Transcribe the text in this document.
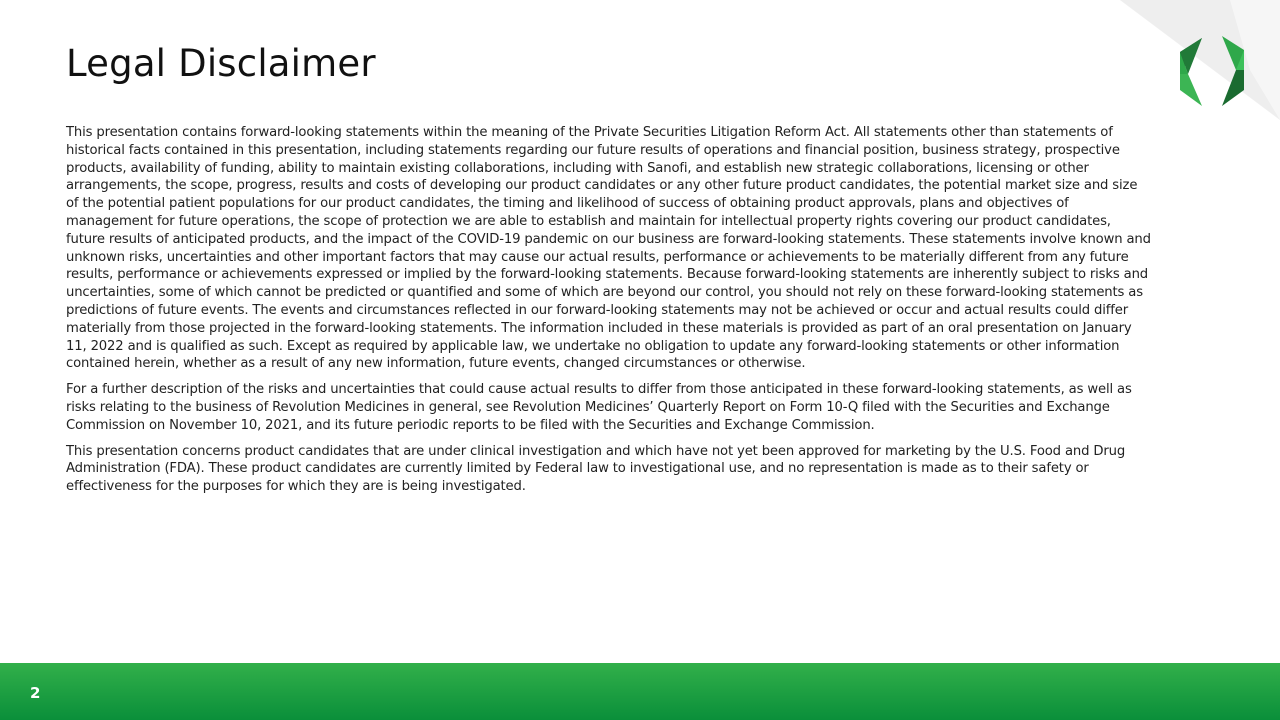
Legal Disclaimer

This presentation contains forward-looking statements within the meaning of the Private Securities Litigation Reform Act. All statements other than statements of historical facts contained in this presentation, including statements regarding our future results of operations and financial position, business strategy, prospective products, availability of funding, ability to maintain existing collaborations, including with Sanofi, and establish new strategic collaborations, licensing or other arrangements, the scope, progress, results and costs of developing our product candidates or any other future product candidates, the potential market size and size of the potential patient populations for our product candidates, the timing and likelihood of success of obtaining product approvals, plans and objectives of management for future operations, the scope of protection we are able to establish and maintain for intellectual property rights covering our product candidates, future results of anticipated products, and the impact of the COVID-19 pandemic on our business are forward-looking statements. These statements involve known and unknown risks, uncertainties and other important factors that may cause our actual results, performance or achievements to be materially different from any future results, performance or achievements expressed or implied by the forward-looking statements. Because forward-looking statements are inherently subject to risks and uncertainties, some of which cannot be predicted or quantified and some of which are beyond our control, you should not rely on these forward-looking statements as predictions of future events. The events and circumstances reflected in our forward-looking statements may not be achieved or occur and actual results could differ materially from those projected in the forward-looking statements. The information included in these materials is provided as part of an oral presentation on January 11, 2022 and is qualified as such. Except as required by applicable law, we undertake no obligation to update any forward-looking statements or other information contained herein, whether as a result of any new information, future events, changed circumstances or otherwise.

For a further description of the risks and uncertainties that could cause actual results to differ from those anticipated in these forward-looking statements, as well as risks relating to the business of Revolution Medicines in general, see Revolution Medicines’ Quarterly Report on Form 10-Q filed with the Securities and Exchange Commission on November 10, 2021, and its future periodic reports to be filed with the Securities and Exchange Commission.

This presentation concerns product candidates that are under clinical investigation and which have not yet been approved for marketing by the U.S. Food and Drug Administration (FDA). These product candidates are currently limited by Federal law to investigational use, and no representation is made as to their safety or effectiveness for the purposes for which they are is being investigated.

2
